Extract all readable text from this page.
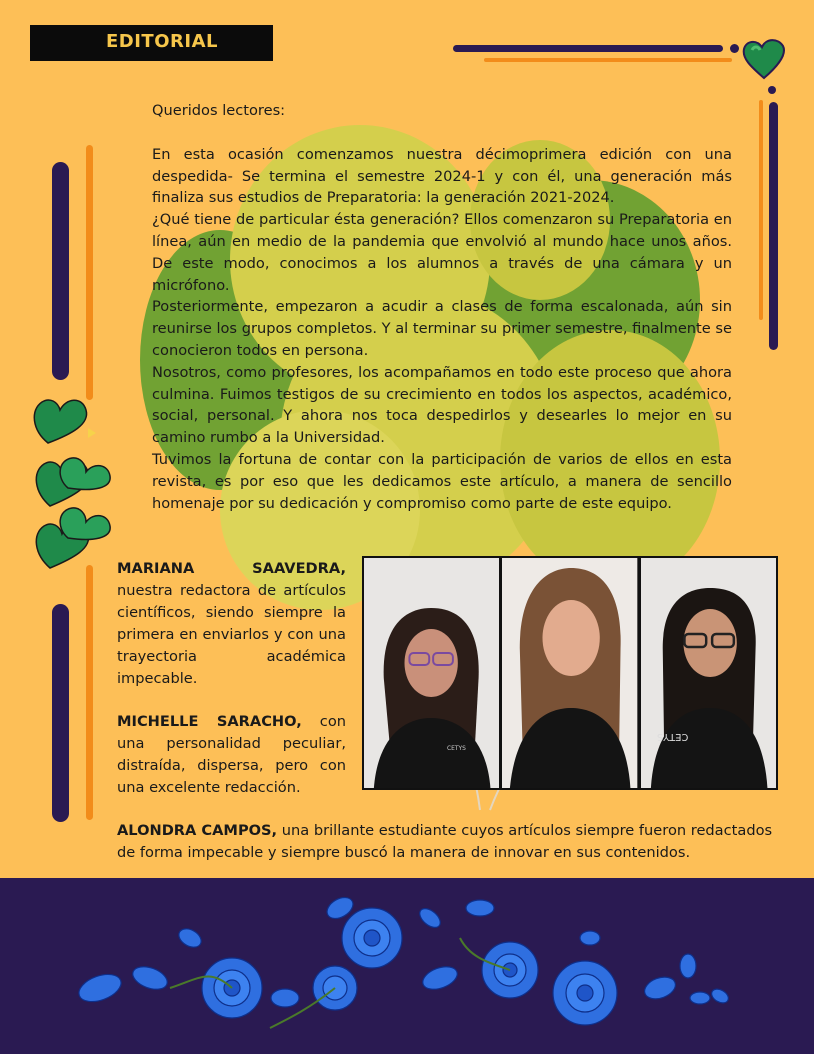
EDITORIAL

Queridos lectores:

En esta ocasión comenzamos nuestra décimoprimera edición con una despedida- Se termina el semestre 2024-1 y con él, una generación más finaliza sus estudios de Preparatoria: la generación 2021-2024.

¿Qué tiene de particular ésta generación? Ellos comenzaron su Preparatoria en línea, aún en medio de la pandemia que envolvió al mundo hace unos años. De este modo, conocimos a los alumnos a través de una cámara y un micrófono.

Posteriormente, empezaron a acudir a clases de forma escalonada, aún sin reunirse los grupos completos. Y al terminar su primer semestre, finalmente se conocieron todos en persona.

Nosotros, como profesores, los acompañamos en todo este proceso que ahora culmina. Fuimos testigos de su crecimiento en todos los aspectos, académico, social, personal. Y ahora nos toca despedirlos y desearles lo mejor en su camino rumbo a la Universidad.

Tuvimos la fortuna de contar con la participación de varios de ellos en esta revista, es por eso que les dedicamos este artículo, a manera de sencillo homenaje por su dedicación y compromiso como parte de este equipo.

MARIANA SAAVEDRA, nuestra redactora de artículos científicos, siendo siempre la primera en enviarlos y con una trayectoria académica impecable.

MICHELLE SARACHO, con una personalidad peculiar, distraída, dispersa, pero con una excelente redacción.

ALONDRA CAMPOS, una brillante estudiante cuyos artículos siempre fueron redactados de forma impecable y siempre buscó la manera de innovar en sus contenidos.

CETYS
CETYS
